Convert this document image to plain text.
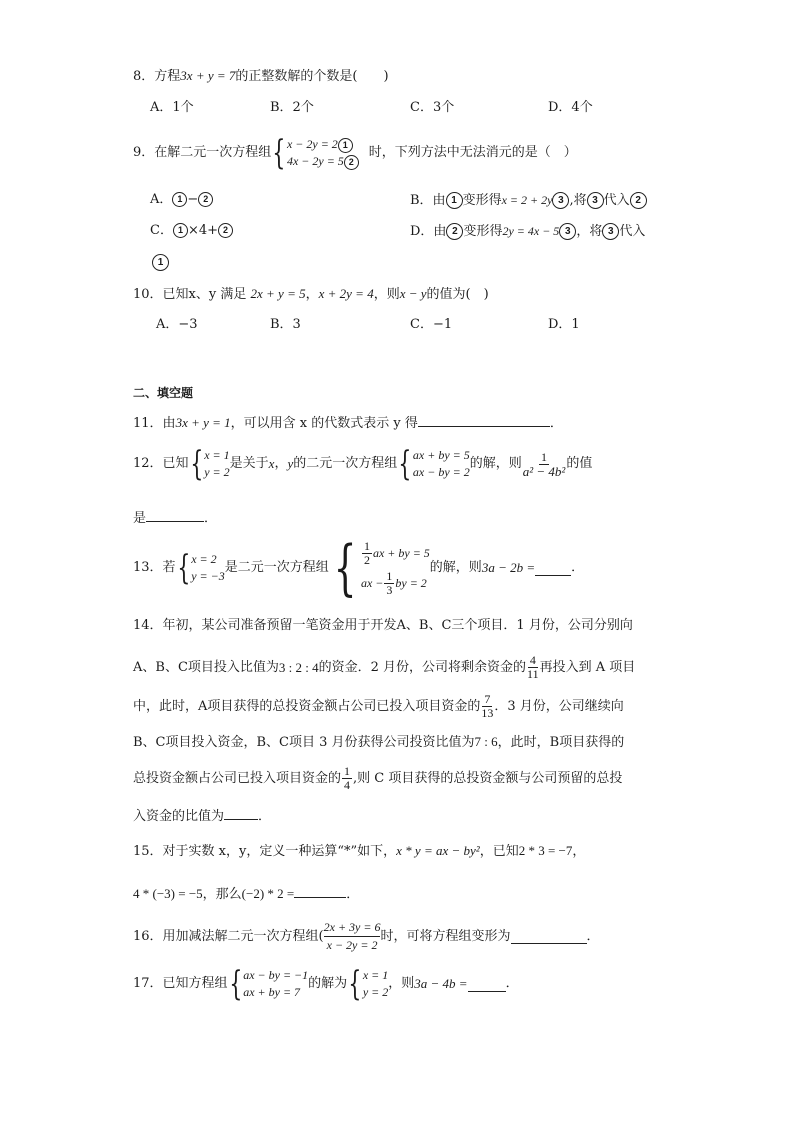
8．方程3x + y = 7的正整数解的个数是(　　)
A．1个	B．2个	C．3个	D．4个
9． 在解二元一次方程组 { x − 2y = 2 1
4x − 2y = 5 2
时，下列方法中无法消元的是（　）
A． 1 − 2	B．由 1 变形得x = 2 + 2y 3 ,将 3 代入 2
C． 1 ×4+ 2	D．由 2 变形得2y = 4x − 5 3 ，将 3 代入
1
10．已知x、y 满足 2x + y = 5，x + 2y = 4，则x − y的值为(　)
A．−3	B．3	C．−1	D．1
二、填空题
11．由3x + y = 1，可以用含 x 的代数式表示 y 得	．
12． 已知 { x = 1
y = 2
是关于 x ， y 的二元一次方程组 { ax + by = 5
ax − by = 2
的解，则 $\frac{1}{\text{a² − 4b²}}$ 的值
是	．
13． 若 { x = 2
y = −3
是二元一次方程组 { $\frac{1}{2}$ ax + by = 5
ax − $\frac{1}{3}$ by = 2
的解，则 3a − 2b =	．
14．年初，某公司准备预留一笔资金用于开发A、B、C三个项目．1 月份，公司分别向
A、B、C项目投入比值为 3 : 2 : 4 的资金．2 月份，公司将剩余资金的 $\frac{4}{11}$ 再投入到 A 项目
中，此时，A项目获得的总投资金额占公司已投入项目资金的 $\frac{7}{13}$ ．3 月份，公司继续向
B、C项目投入资金，B、C项目 3 月份获得公司投资比值为7 : 6，此时，B项目获得的
总投资金额占公司已投入项目资金的 $\frac{1}{4}$ ,则 C 项目获得的总投资金额与公司预留的总投
入资金的比值为	．
15．对于实数 x，y，定义一种运算“*”如下，x * y = ax − by²，已知2 * 3 = −7，
4 * (−3) = −5，那么(−2) * 2 =	．
16． 用加减法解二元一次方程组(
2x + 3y = 6
x − 2y = 2
时，可将方程组变形为	．
17． 已知方程组 { ax − by = −1
ax + by = 7
的解为 { x = 1
y = 2
，则 3a − 4b =	．
